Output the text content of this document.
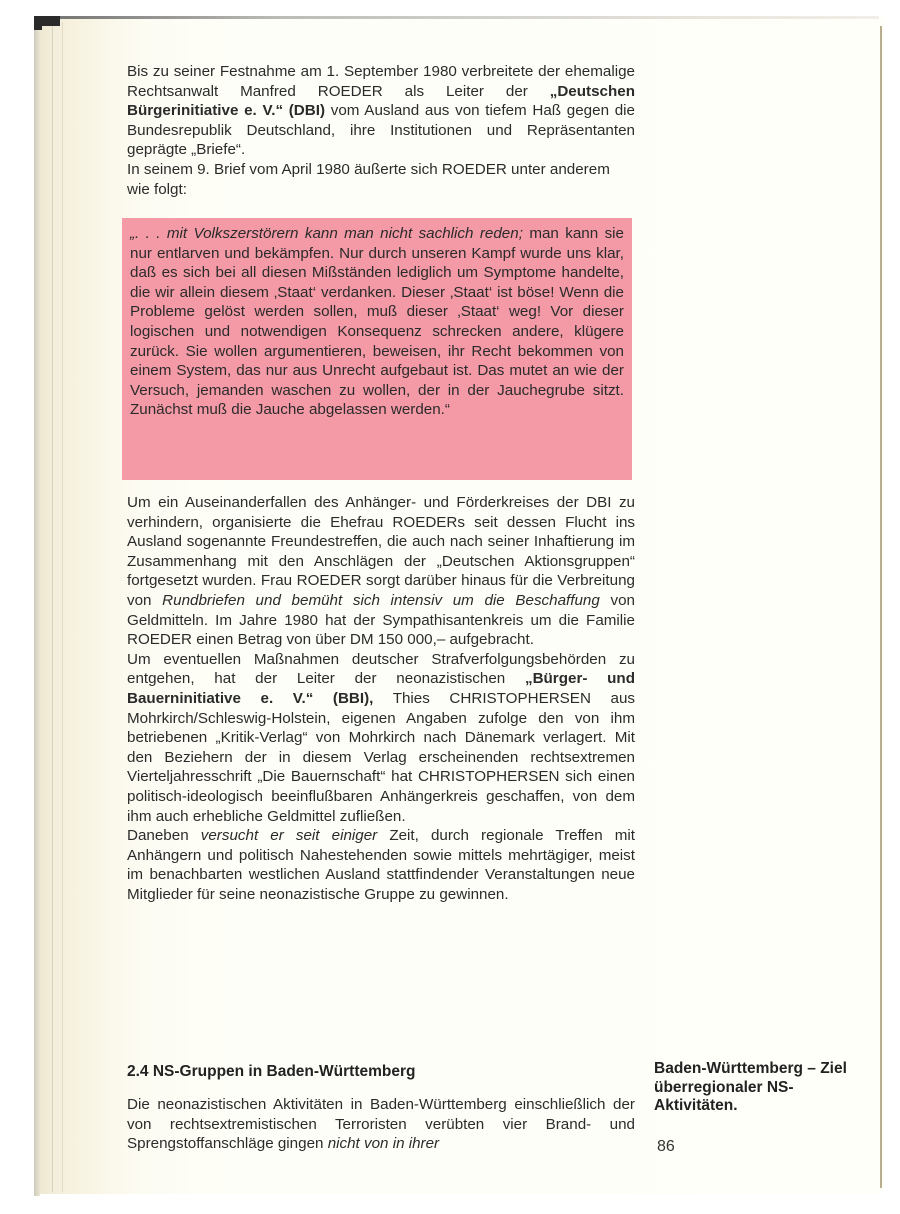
Bis zu seiner Festnahme am 1. September 1980 verbreitete der ehemalige Rechtsanwalt Manfred ROEDER als Leiter der „Deutschen Bürgerinitiative e. V.“ (DBI) vom Ausland aus von tiefem Haß gegen die Bundesrepublik Deutschland, ihre Institutionen und Repräsentanten geprägte „Briefe“.

In seinem 9. Brief vom April 1980 äußerte sich ROEDER unter anderem wie folgt:

„. . . mit Volkszerstörern kann man nicht sachlich reden; man kann sie nur entlarven und bekämpfen. Nur durch unseren Kampf wurde uns klar, daß es sich bei all diesen Mißständen lediglich um Symptome handelte, die wir allein diesem ‚Staat‘ verdanken. Dieser ‚Staat‘ ist böse! Wenn die Probleme gelöst werden sollen, muß dieser ‚Staat‘ weg! Vor dieser logischen und notwendigen Konsequenz schrecken andere, klügere zurück. Sie wollen argumentieren, beweisen, ihr Recht bekommen von einem System, das nur aus Unrecht aufgebaut ist. Das mutet an wie der Versuch, jemanden waschen zu wollen, der in der Jauchegrube sitzt. Zunächst muß die Jauche abgelassen werden.“

Um ein Auseinanderfallen des Anhänger- und Förderkreises der DBI zu verhindern, organisierte die Ehefrau ROEDERs seit dessen Flucht ins Ausland sogenannte Freundestreffen, die auch nach seiner Inhaftierung im Zusammenhang mit den Anschlägen der „Deutschen Aktionsgruppen“ fortgesetzt wurden. Frau ROEDER sorgt darüber hinaus für die Verbreitung von Rundbriefen und bemüht sich intensiv um die Beschaffung von Geldmitteln. Im Jahre 1980 hat der Sympathisantenkreis um die Familie ROEDER einen Betrag von über DM 150 000,– aufgebracht.

Um eventuellen Maßnahmen deutscher Strafverfolgungsbehörden zu entgehen, hat der Leiter der neonazistischen „Bürger- und Bauerninitiative e. V.“ (BBI), Thies CHRISTOPHERSEN aus Mohrkirch/Schleswig-Holstein, eigenen Angaben zufolge den von ihm betriebenen „Kritik-Verlag“ von Mohrkirch nach Dänemark verlagert. Mit den Beziehern der in diesem Verlag erscheinenden rechtsextremen Vierteljahresschrift „Die Bauernschaft“ hat CHRISTOPHERSEN sich einen politisch-ideologisch beeinflußbaren Anhängerkreis geschaffen, von dem ihm auch erhebliche Geldmittel zufließen.

Daneben versucht er seit einiger Zeit, durch regionale Treffen mit Anhängern und politisch Nahestehenden sowie mittels mehrtägiger, meist im benachbarten westlichen Ausland stattfindender Veranstaltungen neue Mitglieder für seine neonazistische Gruppe zu gewinnen.

2.4 NS-Gruppen in Baden-Württemberg
Die neonazistischen Aktivitäten in Baden-Württemberg einschließlich der von rechtsextremistischen Terroristen verübten vier Brand- und Sprengstoffanschläge gingen nicht von in ihrer
Baden-Württemberg – Ziel überregionaler NS-Aktivitäten.
86
